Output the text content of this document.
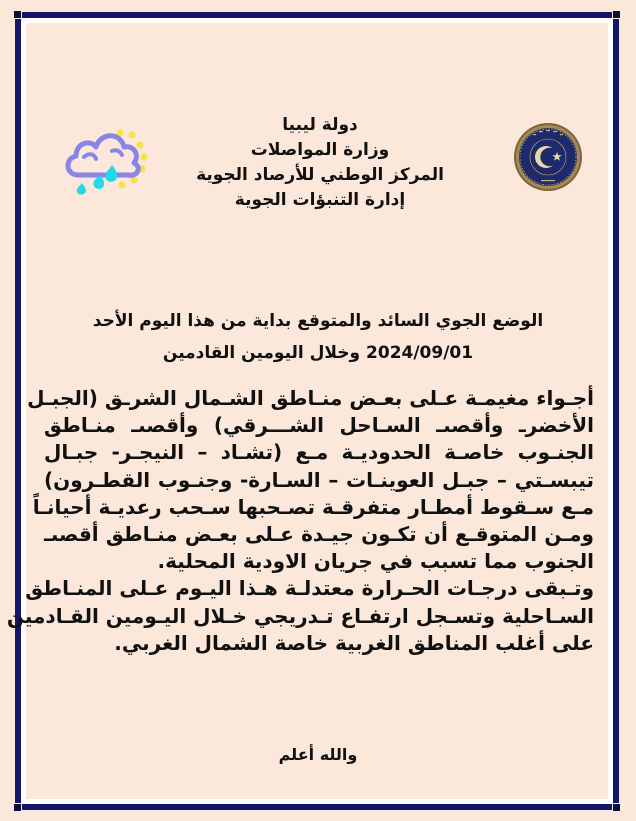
دولة ليبيا
وزارة المواصلات
المركز الوطني للأرصاد الجوية
إدارة التنبؤات الجوية
الوضع الجوي السائد والمتوقع بداية من هذا اليوم الأحد
2024/09/01 وخلال اليومين القادمين

أجـواء مغيمـة عـلى بعـض منـاطق الشـمال الشرـق (الجبـل
الأخضرـ وأقصىـ السـاحل الشـــرقي) وأقصىـ منـاطق
الجنـوب خاصـة الحدوديـة مـع (تشـاد – النيجـر- جبـال
تيبسـتي – جبـل العوينـات – السـارة- وجنـوب القطـرون)
مـع سـقوط أمطـار متفرقـة تصـحبها سـحب رعديـة أحيانـاً
ومـن المتوقـع أن تكـون جيـدة عـلى بعـض منـاطق أقصىـ
الجنوب مما تسبب في جريان الاودية المحلية.

وتـبقى درجـات الحـرارة معتدلـة هـذا اليـوم عـلى المنـاطق
السـاحلية وتسـجل ارتفـاع تـدريجي خـلال اليـومين القـادمين
على أغلب المناطق الغربية خاصة الشمال الغربي.

والله أعلم
